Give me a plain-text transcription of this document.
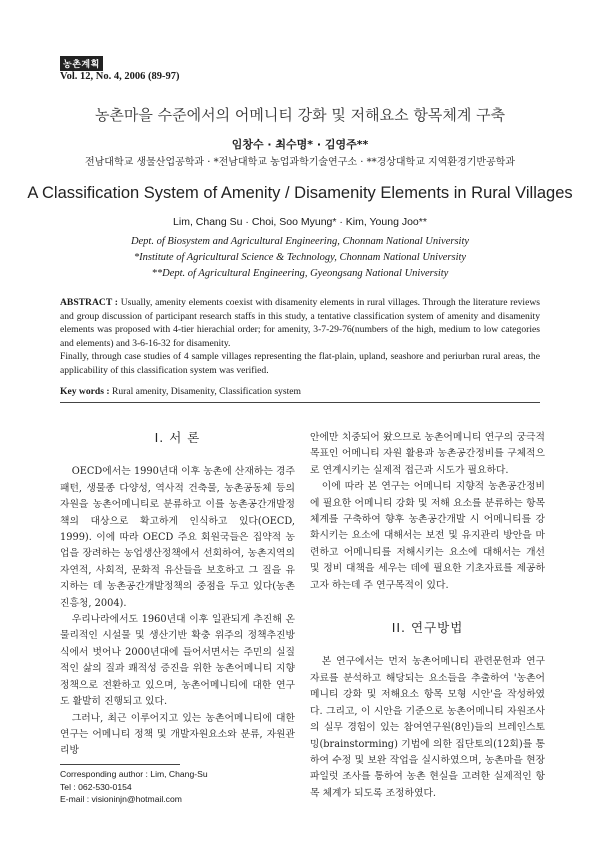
농촌계획
Vol. 12, No. 4, 2006 (89-97)
농촌마을 수준에서의 어메니티 강화 및 저해요소 항목체계 구축
임창수 · 최수명* · 김영주**
전남대학교 생물산업공학과 · *전남대학교 농업과학기술연구소 · **경상대학교 지역환경기반공학과
A Classification System of Amenity / Disamenity Elements in Rural Villages
Lim, Chang Su · Choi, Soo Myung* · Kim, Young Joo**
Dept. of Biosystem and Agricultural Engineering, Chonnam National University
*Institute of Agricultural Science & Technology, Chonnam National University
**Dept. of Agricultural Engineering, Gyeongsang National University

ABSTRACT : Usually, amenity elements coexist with disamenity elements in rural villages. Through the literature reviews and group discussion of participant research staffs in this study, a tentative classification system of amenity and disamenity elements was proposed with 4-tier hierachial order; for amenity, 3-7-29-76(numbers of the high, medium to low categories and elements) and 3-6-16-32 for disamenity.

Finally, through case studies of 4 sample villages representing the flat-plain, upland, seashore and periurban rural areas, the applicability of this classification system was verified.

Key words : Rural amenity, Disamenity, Classification system
I. 서 론

OECD에서는 1990년대 이후 농촌에 산재하는 경주패턴, 생물종 다양성, 역사적 건축물, 농촌공동체 등의 자원을 농촌어메니티로 분류하고 이를 농촌공간개발정책의 대상으로 확고하게 인식하고 있다(OECD, 1999). 이에 따라 OECD 주요 회원국들은 집약적 농업을 장려하는 농업생산정책에서 선회하여, 농촌지역의 자연적, 사회적, 문화적 유산들을 보호하고 그 질을 유지하는 데 농촌공간개발정책의 중점을 두고 있다(농촌진흥청, 2004).

우리나라에서도 1960년대 이후 일관되게 추진해 온 물리적인 시설물 및 생산기반 확충 위주의 정책추진방식에서 벗어나 2000년대에 들어서면서는 주민의 실질적인 삶의 질과 쾌적성 증진을 위한 농촌어메니티 지향 정책으로 전환하고 있으며, 농촌어메니티에 대한 연구도 활발히 진행되고 있다.

그러나, 최근 이루어지고 있는 농촌어메니티에 대한 연구는 어메니티 정책 및 개발자원요소와 분류, 자원관리방

안에만 치중되어 왔으므로 농촌어메니티 연구의 궁극적 목표인 어메니티 자원 활용과 농촌공간정비를 구체적으로 연계시키는 실제적 접근과 시도가 필요하다.

이에 따라 본 연구는 어메니티 지향적 농촌공간정비에 필요한 어메니티 강화 및 저해 요소를 분류하는 항목 체계를 구축하여 향후 농촌공간개발 시 어메니티를 강화시키는 요소에 대해서는 보전 및 유지관리 방안을 마련하고 어메니티를 저해시키는 요소에 대해서는 개선 및 정비 대책을 세우는 데에 필요한 기초자료를 제공하고자 하는데 주 연구목적이 있다.

II. 연구방법

본 연구에서는 먼저 농촌어메니티 관련문헌과 연구자료를 분석하고 해당되는 요소들을 추출하여 '농촌어메니티 강화 및 저해요소 항목 모형 시안'을 작성하였다. 그리고, 이 시안을 기준으로 농촌어메니티 자원조사의 실무 경험이 있는 참여연구원(8인)들의 브레인스토밍(brainstorming) 기법에 의한 집단토의(12회)를 통하여 수정 및 보완 작업을 실시하였으며, 농촌마을 현장 파일럿 조사를 통하여 농촌 현실을 고려한 실제적인 항목 체계가 되도록 조정하였다.

Corresponding author : Lim, Chang-Su
Tel : 062-530-0154
E-mail : visioninjn@hotmail.com
